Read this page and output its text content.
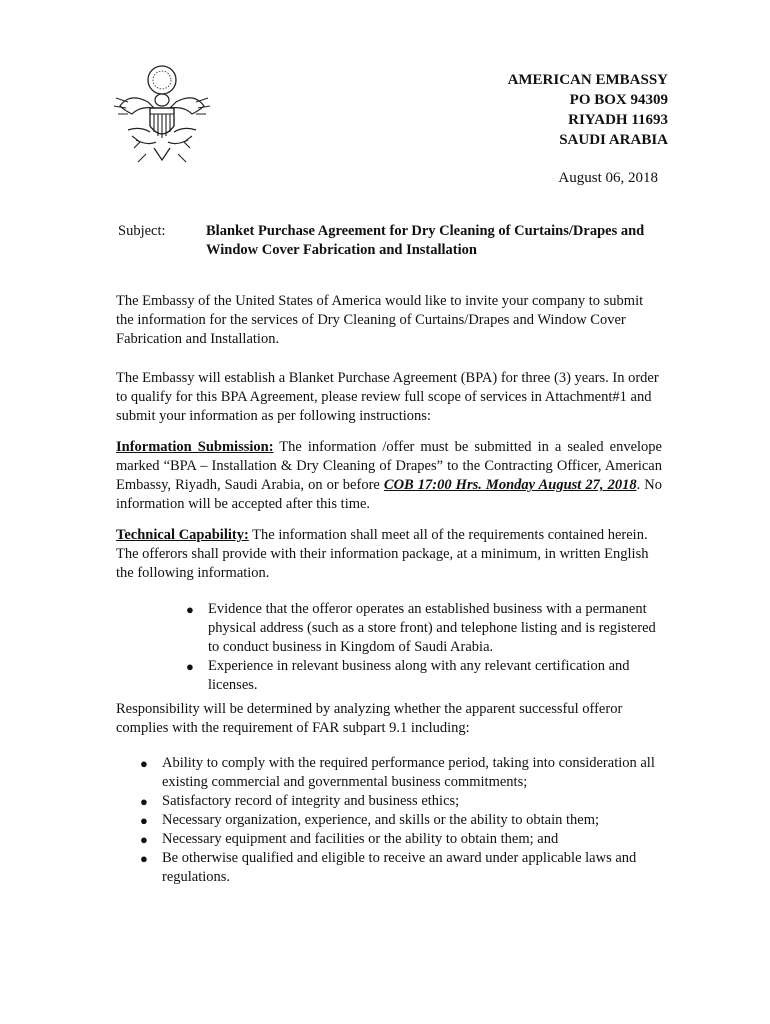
AMERICAN EMBASSY
PO BOX 94309
RIYADH 11693
SAUDI ARABIA
August 06, 2018
Subject:	Blanket Purchase Agreement for Dry Cleaning of Curtains/Drapes and Window Cover Fabrication and Installation

The Embassy of the United States of America would like to invite your company to submit the information for the services of Dry Cleaning of Curtains/Drapes and Window Cover Fabrication and Installation.

The Embassy will establish a Blanket Purchase Agreement (BPA) for three (3) years. In order to qualify for this BPA Agreement, please review full scope of services in Attachment#1 and submit your information as per following instructions:

Information Submission: The information /offer must be submitted in a sealed envelope marked “BPA – Installation & Dry Cleaning of Drapes” to the Contracting Officer, American Embassy, Riyadh, Saudi Arabia, on or before COB 17:00 Hrs. Monday August 27, 2018. No information will be accepted after this time.

Technical Capability: The information shall meet all of the requirements contained herein. The offerors shall provide with their information package, at a minimum, in written English the following information.

● Evidence that the offeror operates an established business with a permanent physical address (such as a store front) and telephone listing and is registered to conduct business in Kingdom of Saudi Arabia.
● Experience in relevant business along with any relevant certification and licenses.

Responsibility will be determined by analyzing whether the apparent successful offeror complies with the requirement of FAR subpart 9.1 including:

● Ability to comply with the required performance period, taking into consideration all existing commercial and governmental business commitments;
● Satisfactory record of integrity and business ethics;
● Necessary organization, experience, and skills or the ability to obtain them;
● Necessary equipment and facilities or the ability to obtain them; and
● Be otherwise qualified and eligible to receive an award under applicable laws and regulations.
